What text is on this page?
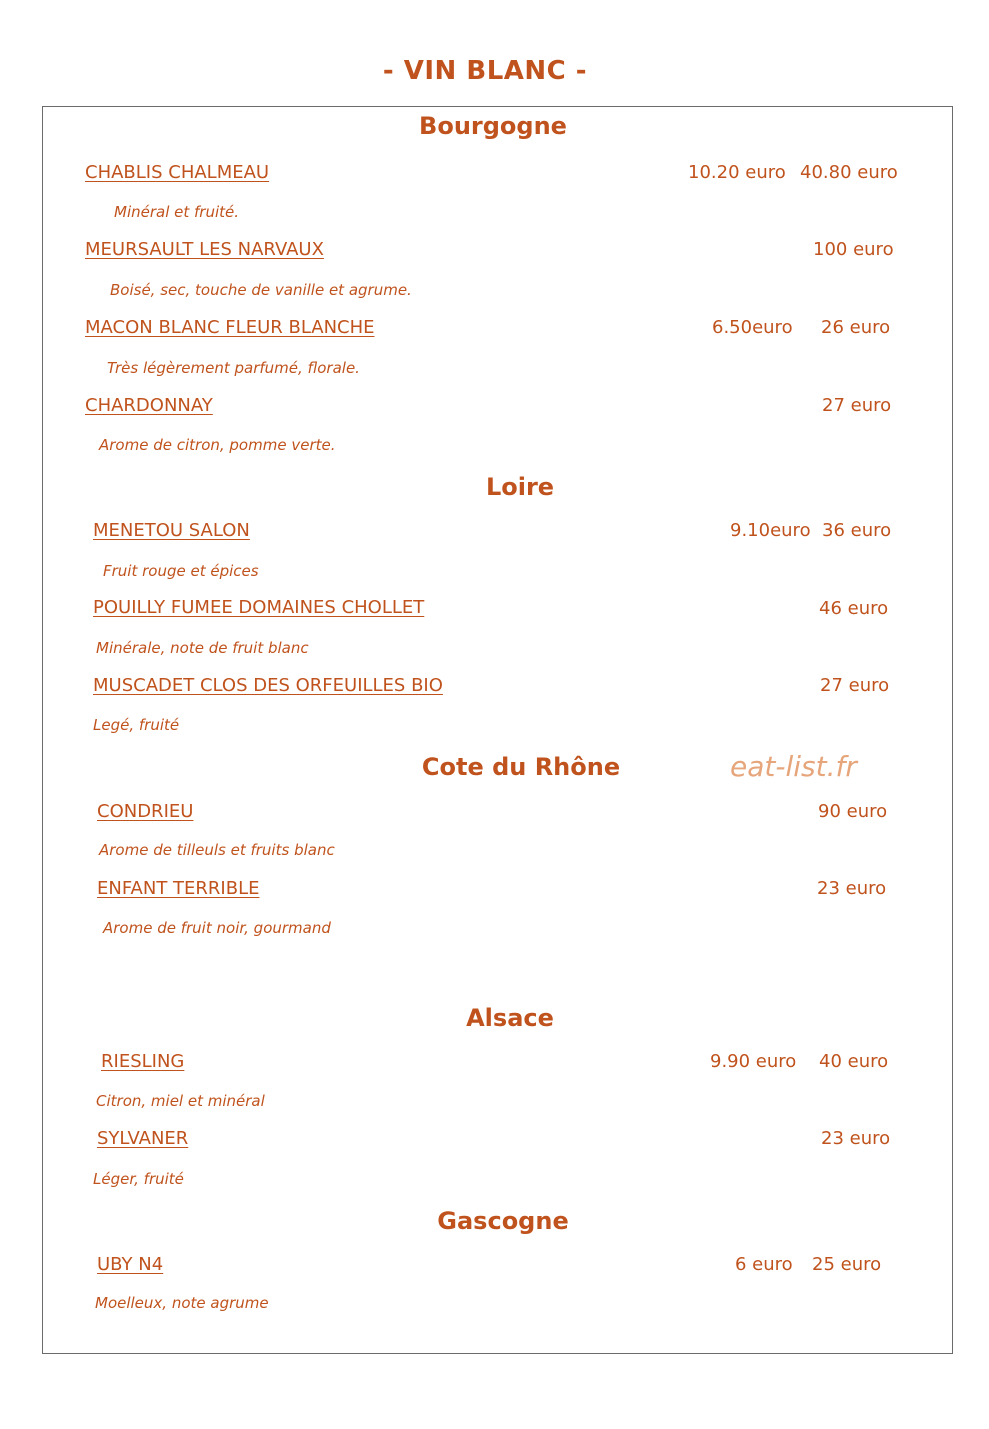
- VIN BLANC -
Bourgogne
CHABLIS CHALMEAU	10.20 euro 40.80 euro
Minéral et fruité.
MEURSAULT LES NARVAUX	100 euro
Boisé, sec, touche de vanille et agrume.
MACON BLANC FLEUR BLANCHE	6.50euro 26 euro
Très légèrement parfumé, florale.
CHARDONNAY	27 euro
Arome de citron, pomme verte.
Loire
MENETOU SALON	9.10euro 36 euro
Fruit rouge et épices
POUILLY FUMEE DOMAINES CHOLLET	46 euro
Minérale, note de fruit blanc
MUSCADET CLOS DES ORFEUILLES BIO	27 euro
Legé, fruité
Cote du Rhône	eat-list.fr
CONDRIEU	90 euro
Arome de tilleuls et fruits blanc
ENFANT TERRIBLE	23 euro
Arome de fruit noir, gourmand
Alsace
RIESLING	9.90 euro 40 euro
Citron, miel et minéral
SYLVANER	23 euro
Léger, fruité
Gascogne
UBY N4	6 euro 25 euro
Moelleux, note agrume
